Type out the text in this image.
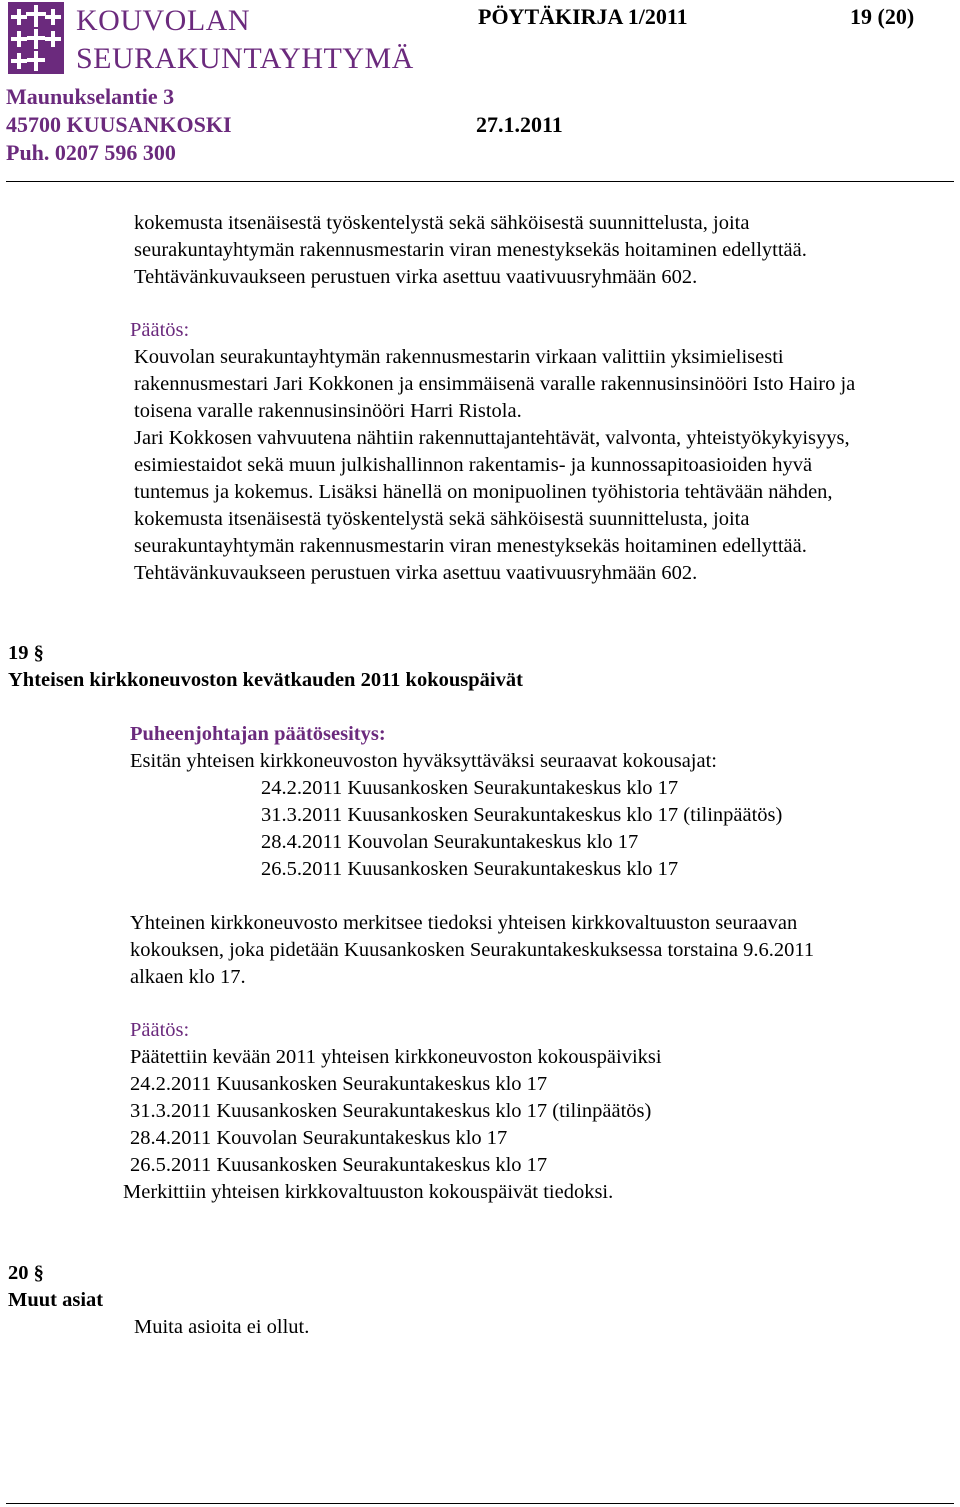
KOUVOLAN
SEURAKUNTAYHTYMÄ
PÖYTÄKIRJA 1/2011	19 (20)
Maunukselantie 3
45700 KUUSANKOSKI	27.1.2011
Puh. 0207 596 300
kokemusta itsenäisestä työskentelystä sekä sähköisestä suunnittelusta, joita
seurakuntayhtymän rakennusmestarin viran menestyksekäs hoitaminen edellyttää.
Tehtävänkuvaukseen perustuen virka asettuu vaativuusryhmään 602.
Päätös:
Kouvolan seurakuntayhtymän rakennusmestarin virkaan valittiin yksimielisesti
rakennusmestari Jari Kokkonen ja ensimmäisenä varalle rakennusinsinööri Isto Hairo ja
toisena varalle rakennusinsinööri Harri Ristola.
Jari Kokkosen vahvuutena nähtiin rakennuttajantehtävät, valvonta, yhteistyökykyisyys,
esimiestaidot sekä muun julkishallinnon rakentamis- ja kunnossapitoasioiden hyvä
tuntemus ja kokemus. Lisäksi hänellä on monipuolinen työhistoria tehtävään nähden,
kokemusta itsenäisestä työskentelystä sekä sähköisestä suunnittelusta, joita
seurakuntayhtymän rakennusmestarin viran menestyksekäs hoitaminen edellyttää.
Tehtävänkuvaukseen perustuen virka asettuu vaativuusryhmään 602.
19 §
Yhteisen kirkkoneuvoston kevätkauden 2011 kokouspäivät
Puheenjohtajan päätösesitys:
Esitän yhteisen kirkkoneuvoston hyväksyttäväksi seuraavat kokousajat:
24.2.2011 Kuusankosken Seurakuntakeskus klo 17
31.3.2011 Kuusankosken Seurakuntakeskus klo 17 (tilinpäätös)
28.4.2011 Kouvolan Seurakuntakeskus klo 17
26.5.2011 Kuusankosken Seurakuntakeskus klo 17
Yhteinen kirkkoneuvosto merkitsee tiedoksi yhteisen kirkkovaltuuston seuraavan
kokouksen, joka pidetään Kuusankosken Seurakuntakeskuksessa torstaina 9.6.2011
alkaen klo 17.
Päätös:
Päätettiin kevään 2011 yhteisen kirkkoneuvoston kokouspäiviksi
24.2.2011 Kuusankosken Seurakuntakeskus klo 17
31.3.2011 Kuusankosken Seurakuntakeskus klo 17 (tilinpäätös)
28.4.2011 Kouvolan Seurakuntakeskus klo 17
26.5.2011 Kuusankosken Seurakuntakeskus klo 17
Merkittiin yhteisen kirkkovaltuuston kokouspäivät tiedoksi.
20 §
Muut asiat
Muita asioita ei ollut.
